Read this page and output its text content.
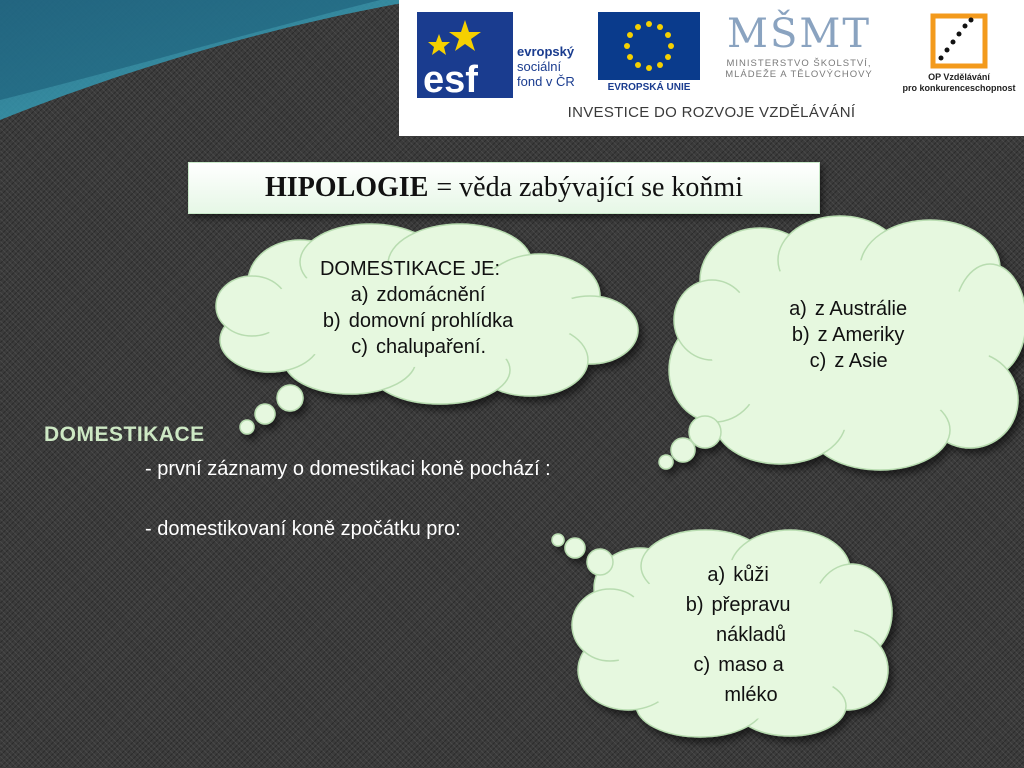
esf
evropský
sociální
fond v ČR	EVROPSKÁ UNIE
MŠMT
MINISTERSTVO ŠKOLSTVÍ,
MLÁDEŽE A TĚLOVÝCHOVY	OP Vzdělávání
pro konkurenceschopnost
INVESTICE DO ROZVOJE VZDĚLÁVÁNÍ
HIPOLOGIE = věda zabývající se koňmi
DOMESTIKACE JE:
a) zdomácnění
b) domovní prohlídka
c) chalupaření.
a) z Austrálie
b) z Ameriky
c) z Asie
a) kůži
b) přepravu
nákladů
c) maso a
mléko
DOMESTIKACE
- první záznamy o domestikaci koně pochází :
- domestikovaní koně zpočátku pro:
